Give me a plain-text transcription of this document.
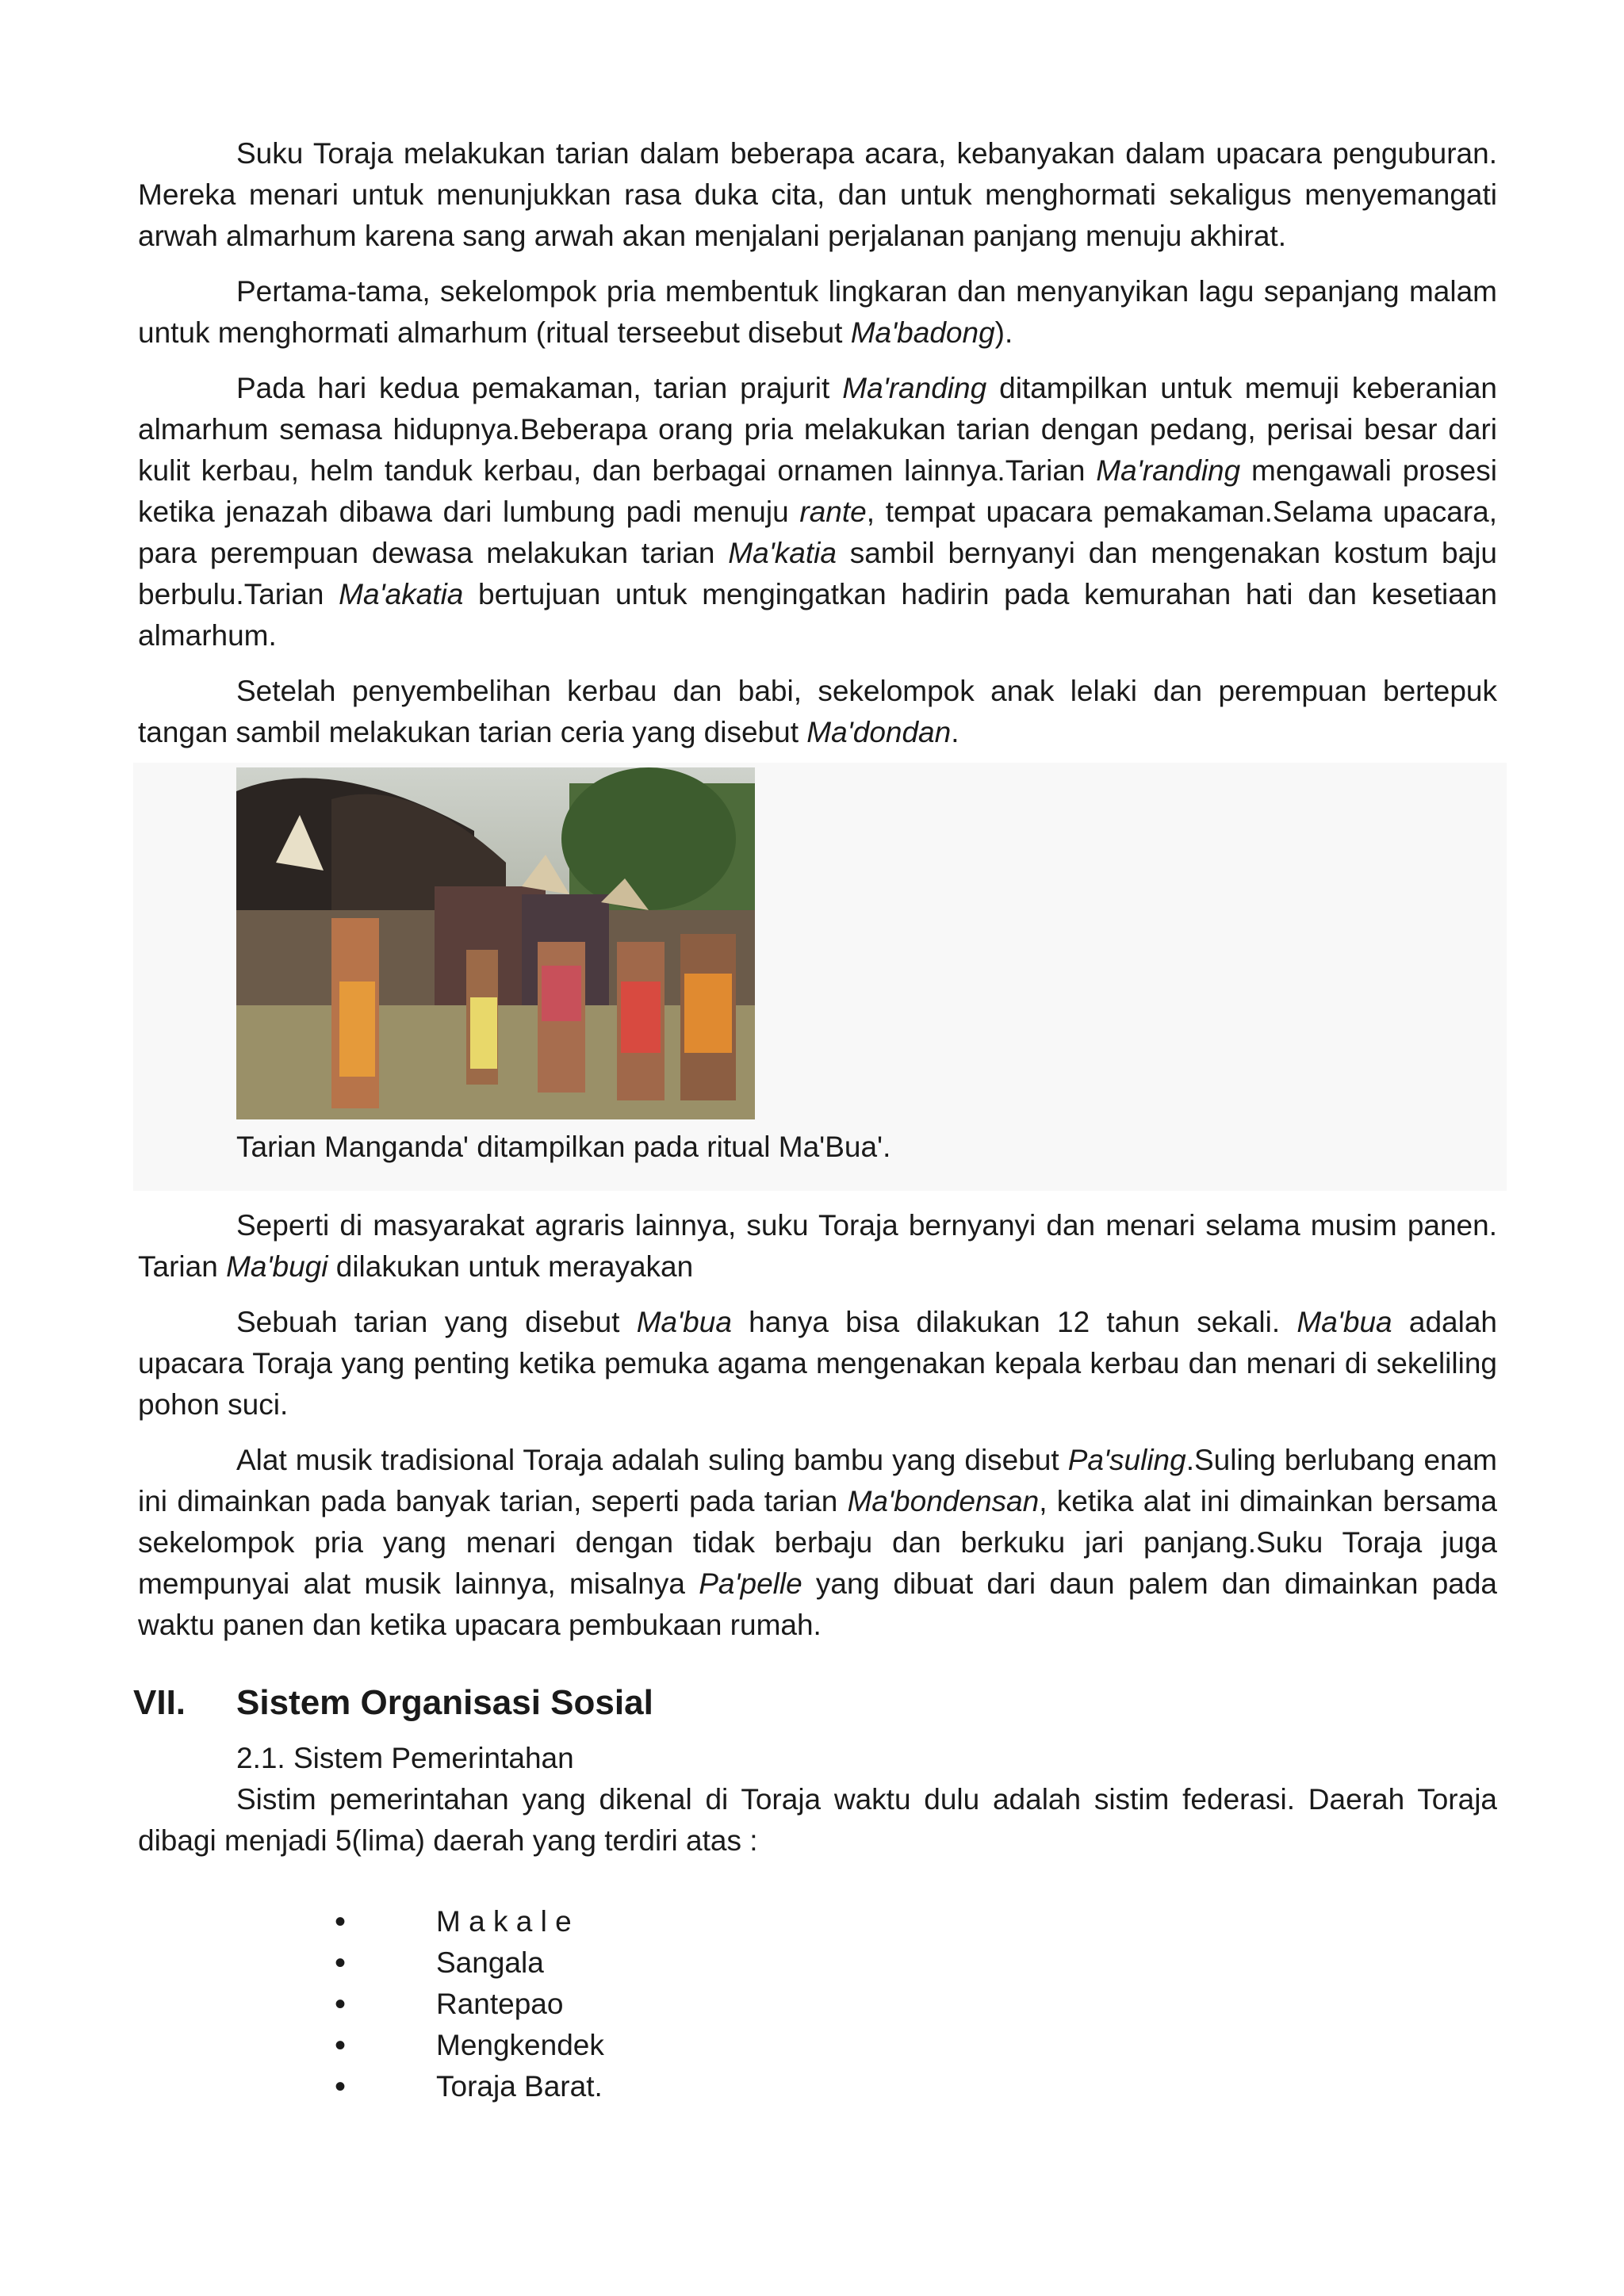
Suku Toraja melakukan tarian dalam beberapa acara, kebanyakan dalam upacara penguburan. Mereka menari untuk menunjukkan rasa duka cita, dan untuk menghormati sekaligus menyemangati arwah almarhum karena sang arwah akan menjalani perjalanan panjang menuju akhirat.

Pertama-tama, sekelompok pria membentuk lingkaran dan menyanyikan lagu sepanjang malam untuk menghormati almarhum (ritual terseebut disebut Ma'badong).

Pada hari kedua pemakaman, tarian prajurit Ma'randing ditampilkan untuk memuji keberanian almarhum semasa hidupnya.Beberapa orang pria melakukan tarian dengan pedang, perisai besar dari kulit kerbau, helm tanduk kerbau, dan berbagai ornamen lainnya.Tarian Ma'randing mengawali prosesi ketika jenazah dibawa dari lumbung padi menuju rante, tempat upacara pemakaman.Selama upacara, para perempuan dewasa melakukan tarian Ma'katia sambil bernyanyi dan mengenakan kostum baju berbulu.Tarian Ma'akatia bertujuan untuk mengingatkan hadirin pada kemurahan hati dan kesetiaan almarhum.

Setelah penyembelihan kerbau dan babi, sekelompok anak lelaki dan perempuan bertepuk tangan sambil melakukan tarian ceria yang disebut Ma'dondan.

Tarian Manganda' ditampilkan pada ritual Ma'Bua'.

Seperti di masyarakat agraris lainnya, suku Toraja bernyanyi dan menari selama musim panen. Tarian Ma'bugi dilakukan untuk merayakan

Sebuah tarian yang disebut Ma'bua hanya bisa dilakukan 12 tahun sekali. Ma'bua adalah upacara Toraja yang penting ketika pemuka agama mengenakan kepala kerbau dan menari di sekeliling pohon suci.

Alat musik tradisional Toraja adalah suling bambu yang disebut Pa'suling.Suling berlubang enam ini dimainkan pada banyak tarian, seperti pada tarian Ma'bondensan, ketika alat ini dimainkan bersama sekelompok pria yang menari dengan tidak berbaju dan berkuku jari panjang.Suku Toraja juga mempunyai alat musik lainnya, misalnya Pa'pelle yang dibuat dari daun palem dan dimainkan pada waktu panen dan ketika upacara pembukaan rumah.

VII.	Sistem Organisasi Sosial
2.1. Sistem Pemerintahan

Sistim pemerintahan yang dikenal di Toraja waktu dulu adalah sistim federasi. Daerah Toraja dibagi menjadi 5(lima) daerah yang terdiri atas :

•	M a k a l e
•	Sangala
•	Rantepao
•	Mengkendek
•	Toraja Barat.
